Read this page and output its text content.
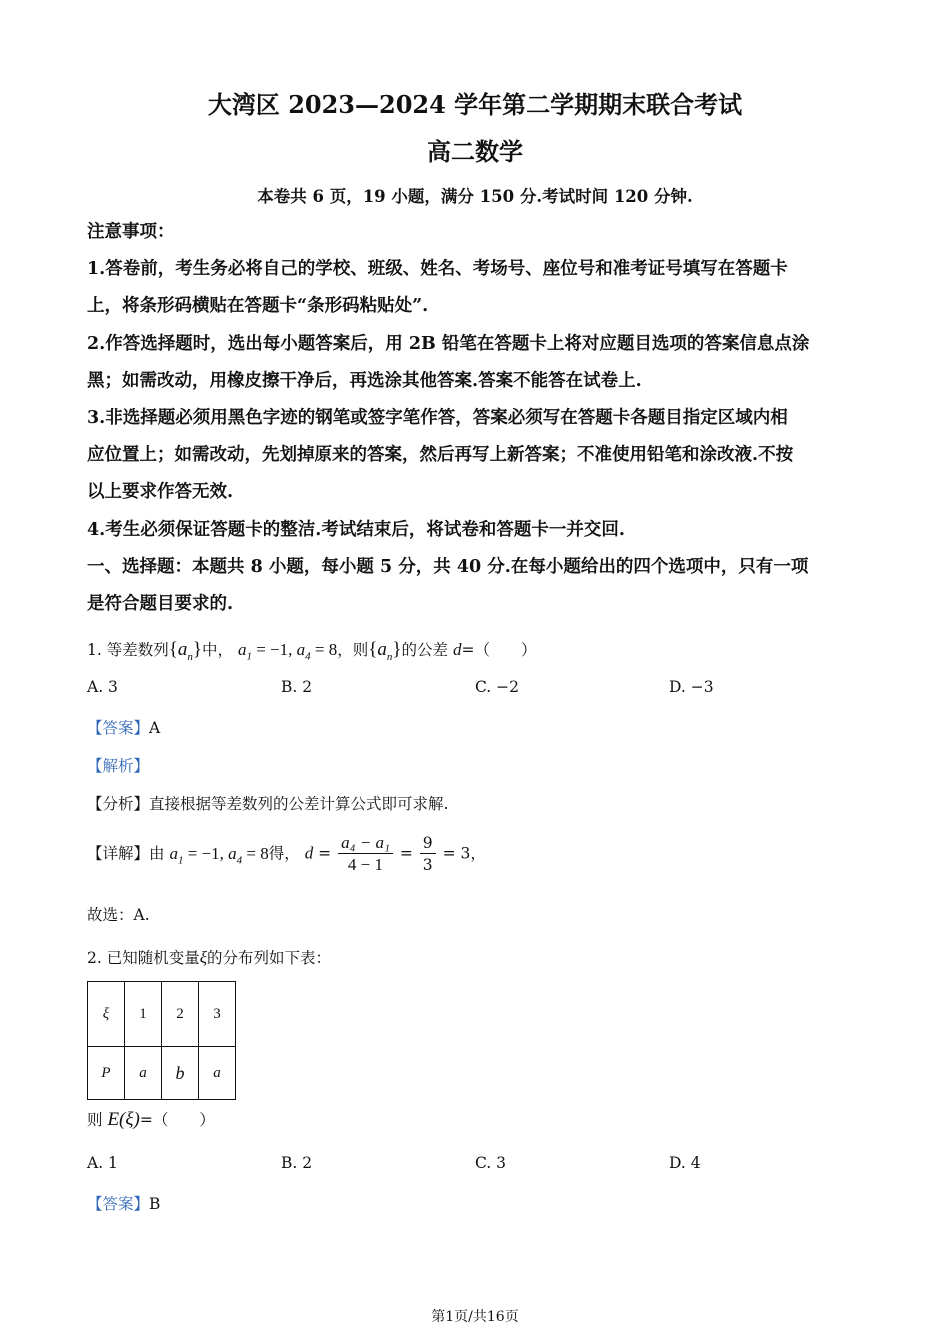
大湾区 2023—2024 学年第二学期期末联合考试
高二数学
本卷共 6 页，19 小题，满分 150 分.考试时间 120 分钟.
注意事项：
1.答卷前，考生务必将自己的学校、班级、姓名、考场号、座位号和准考证号填写在答题卡
上，将条形码横贴在答题卡“条形码粘贴处”.
2.作答选择题时，选出每小题答案后，用 2B 铅笔在答题卡上将对应题目选项的答案信息点涂
黑；如需改动，用橡皮擦干净后，再选涂其他答案.答案不能答在试卷上.
3.非选择题必须用黑色字迹的钢笔或签字笔作答，答案必须写在答题卡各题目指定区域内相
应位置上；如需改动，先划掉原来的答案，然后再写上新答案；不准使用铅笔和涂改液.不按
以上要求作答无效.
4.考生必须保证答题卡的整洁.考试结束后，将试卷和答题卡一并交回.
一、选择题：本题共 8 小题，每小题 5 分，共 40 分.在每小题给出的四个选项中，只有一项
是符合题目要求的.
1. 等差数列$\{a_n\}$中， $a_1 = -1$, $a_4 = 8$，则$\{a_n\}$的公差 d=（　　）
A. 3	B. 2	C. −2	D. −3
【答案】A
【解析】
【分析】直接根据等差数列的公差计算公式即可求解.
【详解】由 $a_1 = -1$, $a_4 = 8$得， $d = \frac{\text{a₄ − a₁}}{4 - 1} = \frac{9}{3} = 3$，
故选：A.
2. 已知随机变量ξ的分布列如下表：
ξ	1	2	3
P	a	b	a
则 E(ξ)=（　　）
A. 1	B. 2	C. 3	D. 4
【答案】B
第1页/共16页
